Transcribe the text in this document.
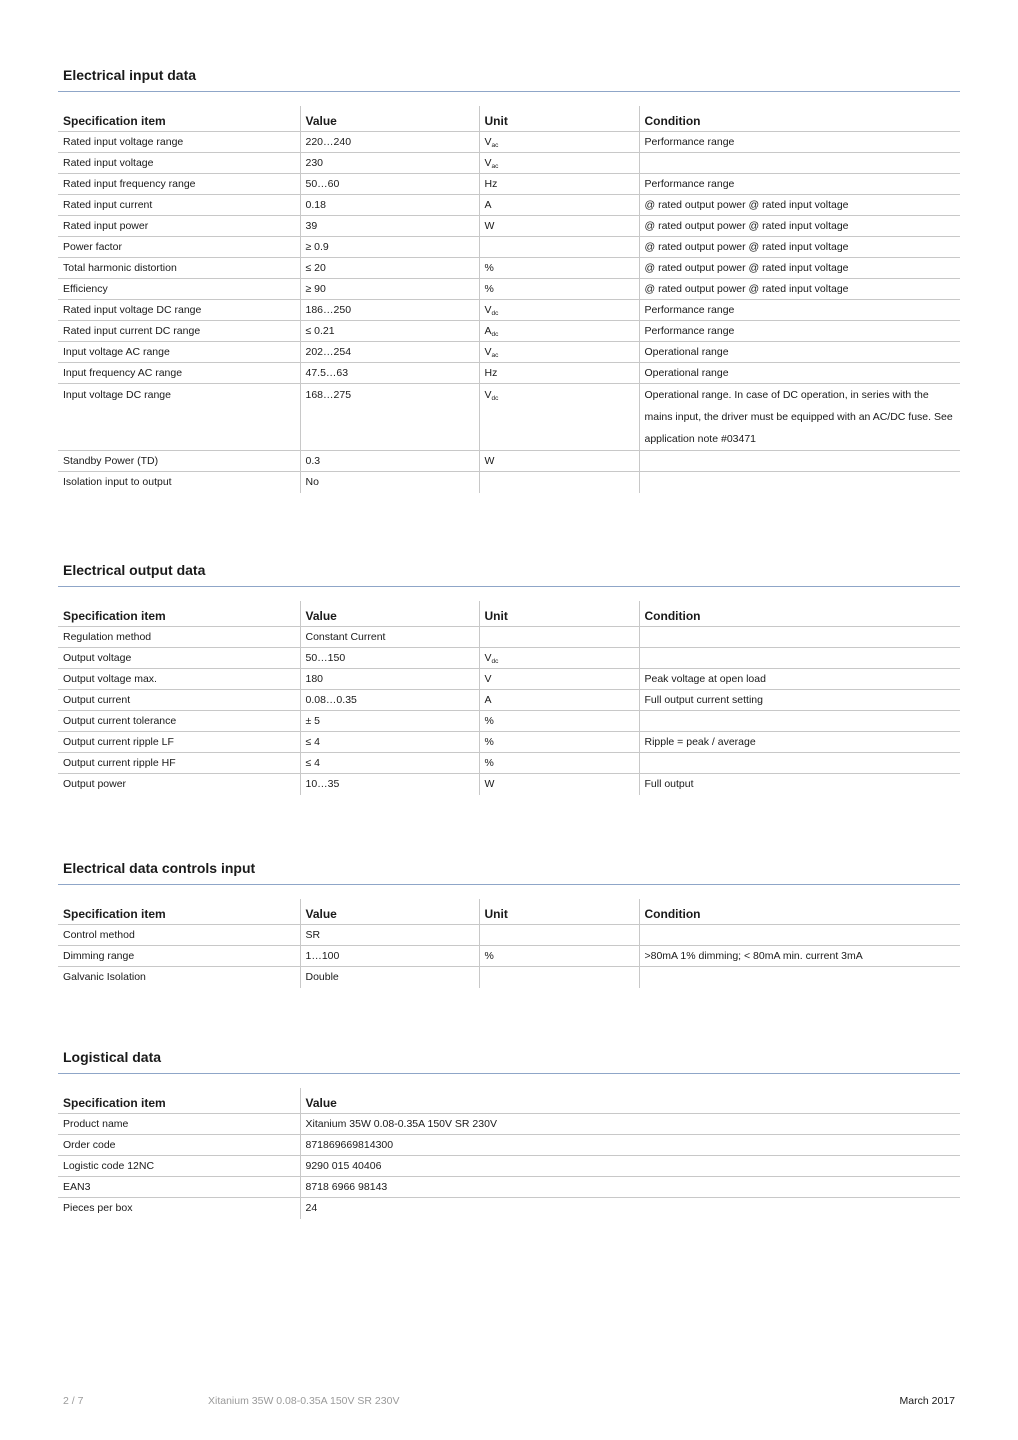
Electrical input data
Specification item	Value	Unit	Condition
Rated input voltage range	220…240	$V_{ac}$	Performance range
Rated input voltage	230	$V_{ac}$	
Rated input frequency range	50…60	Hz	Performance range
Rated input current	0.18	A	@ rated output power @ rated input voltage
Rated input power	39	W	@ rated output power @ rated input voltage
Power factor	≥ 0.9		@ rated output power @ rated input voltage
Total harmonic distortion	≤ 20	%	@ rated output power @ rated input voltage
Efficiency	≥ 90	%	@ rated output power @ rated input voltage
Rated input voltage DC range	186…250	$V_{dc}$	Performance range
Rated input current DC range	≤ 0.21	$A_{dc}$	Performance range
Input voltage AC range	202…254	$V_{ac}$	Operational range
Input frequency AC range	47.5…63	Hz	Operational range
Input voltage DC range	168…275	$V_{dc}$	Operational range. In case of DC operation, in series with the mains input, the driver must be equipped with an AC/DC fuse. See application note #03471
Standby Power (TD)	0.3	W	
Isolation input to output	No		
Electrical output data
Specification item	Value	Unit	Condition
Regulation method	Constant Current		
Output voltage	50…150	$V_{dc}$	
Output voltage max.	180	V	Peak voltage at open load
Output current	0.08…0.35	A	Full output current setting
Output current tolerance	± 5	%	
Output current ripple LF	≤ 4	%	Ripple = peak / average
Output current ripple HF	≤ 4	%	
Output power	10…35	W	Full output
Electrical data controls input
Specification item	Value	Unit	Condition
Control method	SR		
Dimming range	1…100	%	>80mA 1% dimming; < 80mA min. current 3mA
Galvanic Isolation	Double		
Logistical data
Specification item	Value
Product name	Xitanium 35W 0.08-0.35A 150V SR 230V
Order code	871869669814300
Logistic code 12NC	9290 015 40406
EAN3	8718 6966 98143
Pieces per box	24
2 / 7	Xitanium 35W 0.08-0.35A 150V SR 230V	March 2017
